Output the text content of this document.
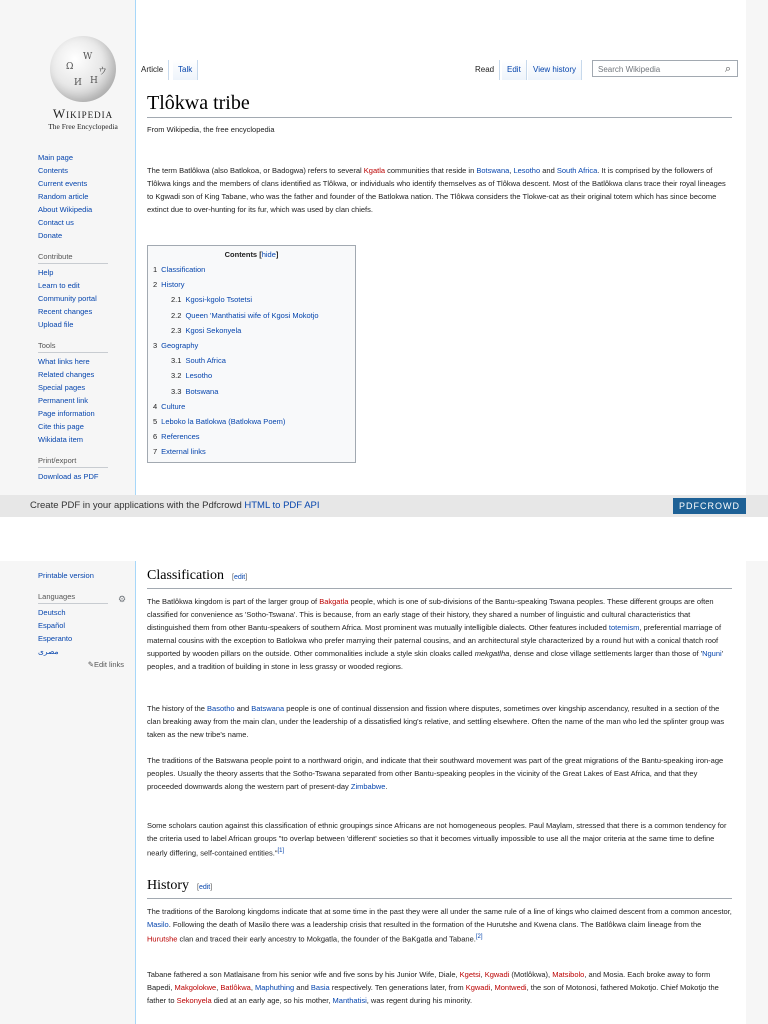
Ω
W
И
ウ
H
Wikipedia
The Free Encyclopedia
Main page
Contents
Current events
Random article
About Wikipedia
Contact us
Donate
Contribute
Help
Learn to edit
Community portal
Recent changes
Upload file
Tools
What links here
Related changes
Special pages
Permanent link
Page information
Cite this page
Wikidata item
Print/export
Download as PDF
Article	Talk	Read	Edit	View history	Search Wikipedia	⌕
Tlôkwa tribe
From Wikipedia, the free encyclopedia
The term Batlôkwa (also Batlokoa, or Badogwa) refers to several Kgatla communities that reside in Botswana, Lesotho and South Africa. It is comprised by the followers of Tlôkwa kings and the members of clans identified as Tlôkwa, or individuals who identify themselves as of Tlôkwa descent. Most of the Batlôkwa clans trace their royal lineages to Kgwadi son of King Tabane, who was the father and founder of the Batlokwa nation. The Tlôkwa considers the Tlokwe-cat as their original totem which has since become extinct due to over-hunting for its fur, which was used by clan chiefs.
Contents [hide]
1 Classification
2 History
2.1 Kgosi-kgolo Tsotetsi
2.2 Queen 'Manthatisi wife of Kgosi Mokotjo
2.3 Kgosi Sekonyela
3 Geography
3.1 South Africa
3.2 Lesotho
3.3 Botswana
4 Culture
5 Leboko la Batlokwa (Batlokwa Poem)
6 References
7 External links
Create PDF in your applications with the Pdfcrowd HTML to PDF API	PDFCROWD
Printable version
Languages
Deutsch
Español
Esperanto
مصرى
✎Edit links
⚙
Classification [edit]
The Batlôkwa kingdom is part of the larger group of Bakgatla people, which is one of sub-divisions of the Bantu-speaking Tswana peoples. These different groups are often classified for convenience as 'Sotho-Tswana'. This is because, from an early stage of their history, they shared a number of linguistic and cultural characteristics that distinguished them from other Bantu-speakers of southern Africa. Most prominent was mutually intelligible dialects. Other features included totemism, preferential marriage of maternal cousins with the exception to Batlokwa who prefer marrying their paternal cousins, and an architectural style characterized by a round hut with a conical thatch roof supported by wooden pillars on the outside. Other commonalities include a style skin cloaks called mekgatlha, dense and close village settlements larger than those of 'Nguni' peoples, and a tradition of building in stone in less grassy or wooded regions.
The history of the Basotho and Batswana people is one of continual dissension and fission where disputes, sometimes over kingship ascendancy, resulted in a section of the clan breaking away from the main clan, under the leadership of a dissatisfied king's relative, and settling elsewhere. Often the name of the man who led the splinter group was taken as the new tribe's name.
The traditions of the Batswana people point to a northward origin, and indicate that their southward movement was part of the great migrations of the Bantu-speaking iron-age peoples. Usually the theory asserts that the Sotho-Tswana separated from other Bantu-speaking peoples in the vicinity of the Great Lakes of East Africa, and that they proceeded downwards along the western part of present-day Zimbabwe.
Some scholars caution against this classification of ethnic groupings since Africans are not homogeneous peoples. Paul Maylam, stressed that there is a common tendency for the criteria used to label African groups "to overlap between 'different' societies so that it becomes virtually impossible to use all the major criteria at the same time to define nearly differing, self-contained entities."[1]
History [edit]
The traditions of the Barolong kingdoms indicate that at some time in the past they were all under the same rule of a line of kings who claimed descent from a common ancestor, Masilo. Following the death of Masilo there was a leadership crisis that resulted in the formation of the Hurutshe and Kwena clans. The Batlôkwa claim lineage from the Hurutshe clan and traced their early ancestry to Mokgatla, the founder of the BaKgatla and Tabane.[2]
Tabane fathered a son Matlaisane from his senior wife and five sons by his Junior Wife, Diale, Kgetsi, Kgwadi (Motlôkwa), Matsibolo, and Mosia. Each broke away to form Bapedi, Makgolokwe, Batlôkwa, Maphuthing and Basia respectively. Ten generations later, from Kgwadi, Montwedi, the son of Motonosi, fathered Mokotjo. Chief Mokotjo the father to Sekonyela died at an early age, so his mother, Manthatisi, was regent during his minority.
